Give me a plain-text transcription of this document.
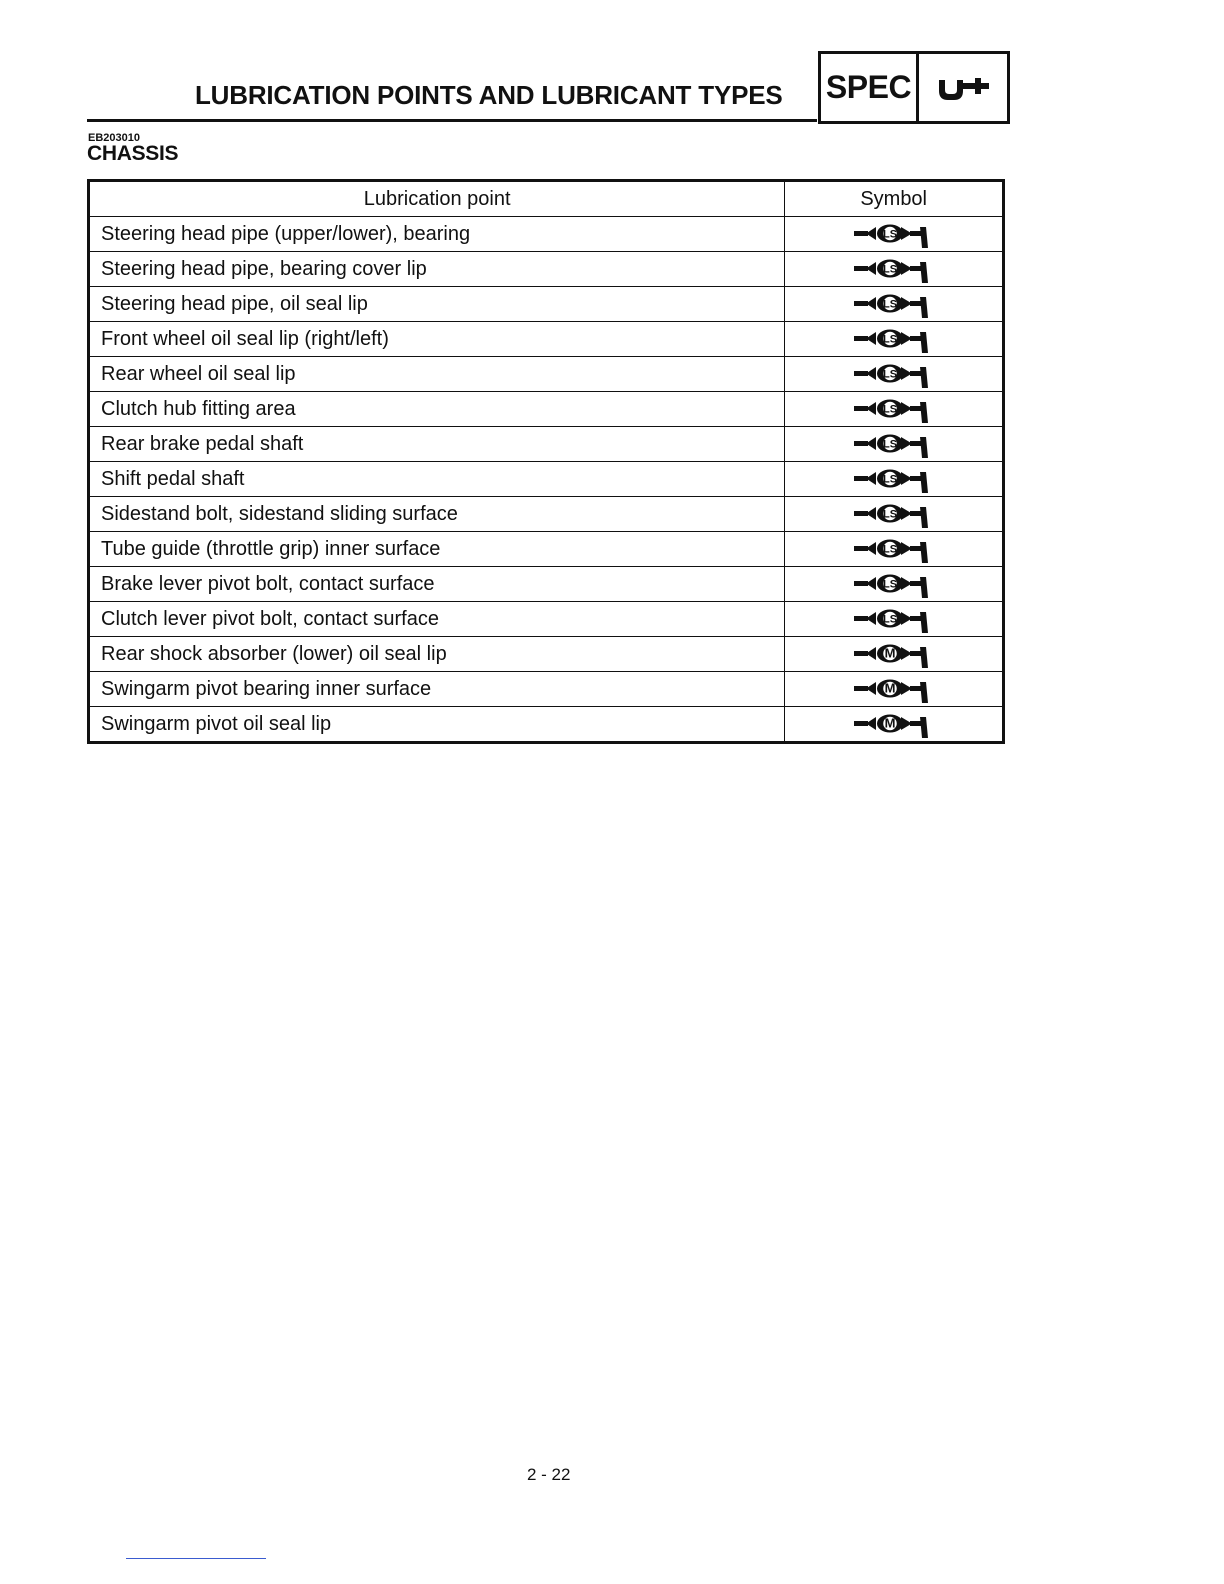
LUBRICATION POINTS AND LUBRICANT TYPES SPEC
EB203010
CHASSIS
Lubrication point	Symbol
Steering head pipe (upper/lower), bearing	LS

Steering head pipe, bearing cover lip	LS

Steering head pipe, oil seal lip	LS

Front wheel oil seal lip (right/left)	LS

Rear wheel oil seal lip	LS

Clutch hub fitting area	LS

Rear brake pedal shaft	LS

Shift pedal shaft	LS

Sidestand bolt, sidestand sliding surface	LS

Tube guide (throttle grip) inner surface	LS

Brake lever pivot bolt, contact surface	LS

Clutch lever pivot bolt, contact surface	LS

Rear shock absorber (lower) oil seal lip	M

Swingarm pivot bearing inner surface	M

Swingarm pivot oil seal lip	M
2 - 22
